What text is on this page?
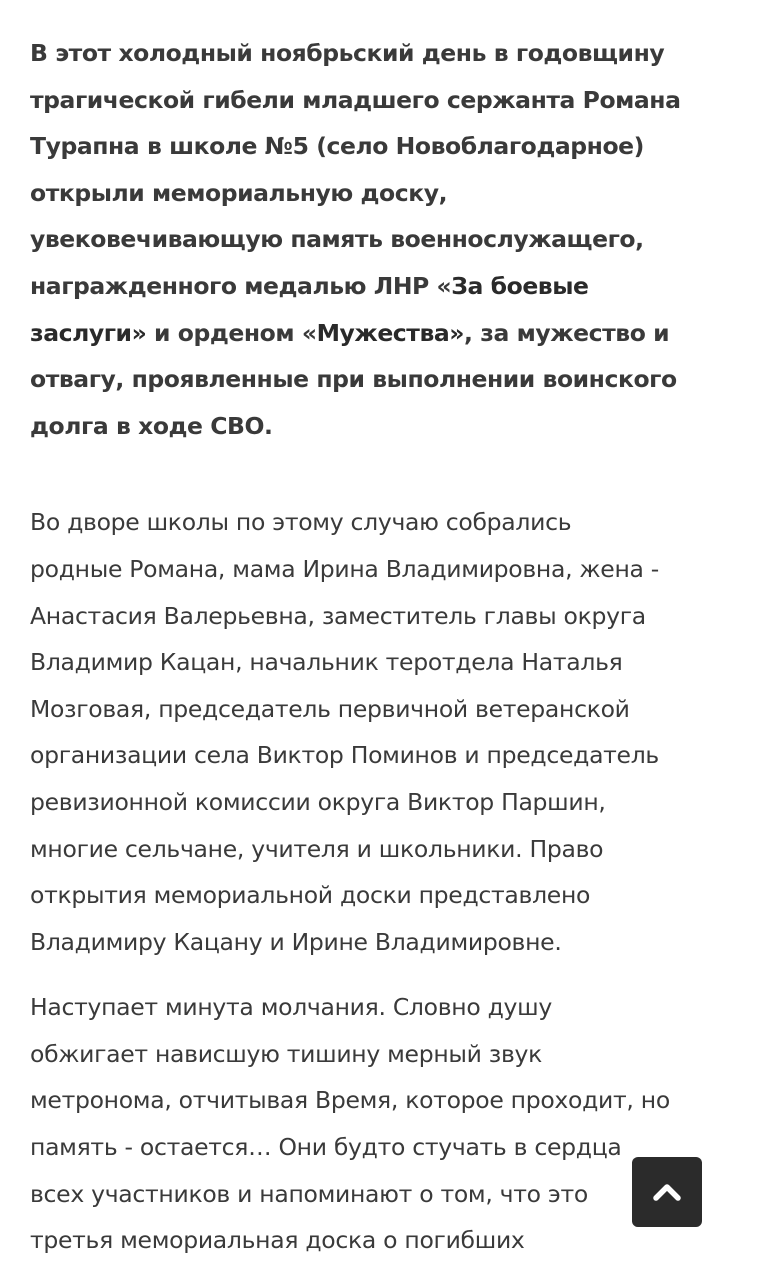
В этот холодный ноябрьский день в годовщину
трагической гибели младшего сержанта Романа
Турапна в школе №5 (село Новоблагодарное)
открыли мемориальную доску,
увековечивающую память военнослужащего,
награжденного медалью ЛНР «За боевые
заслуги» и орденом «Мужества», за мужество и
отвагу, проявленные при выполнении воинского
долга в ходе СВО.

Во дворе школы по этому случаю собрались
родные Романа, мама Ирина Владимировна, жена -
Анастасия Валерьевна, заместитель главы округа
Владимир Кацан, начальник теротдела Наталья
Мозговая, председатель первичной ветеранской
организации села Виктор Поминов и председатель
ревизионной комиссии округа Виктор Паршин,
многие сельчане, учителя и школьники. Право
открытия мемориальной доски представлено
Владимиру Кацану и Ирине Владимировне.

Наступает минута молчания. Словно душу
обжигает нависшую тишину мерный звук
метронома, отчитывая Время, которое проходит, но
память - остается… Они будто стучать в сердца
всех участников и напоминают о том, что это
третья мемориальная доска о погибших
